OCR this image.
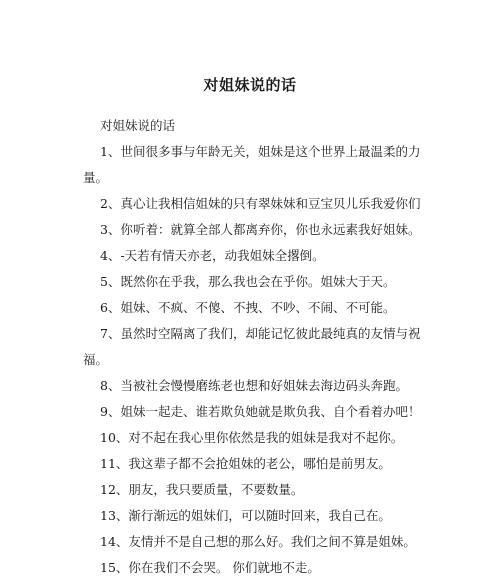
对姐妹说的话

对姐妹说的话

1、世间很多事与年龄无关，姐妹是这个世界上最温柔的力

量。

2、真心让我相信姐妹的只有翠妹妹和豆宝贝儿乐我爱你们

3、你听着：就算全部人都离弃你，你也永远素我好姐妹。

4、-天若有情天亦老，动我姐妹全撂倒。

5、既然你在乎我，那么我也会在乎你。姐妹大于天。

6、姐妹、不疯、不傻、不拽、不吵、不闹、不可能。

7、虽然时空隔离了我们，却能记忆彼此最纯真的友情与祝

福。

8、当被社会慢慢磨练老也想和好姐妹去海边码头奔跑。

9、姐妹一起走、谁若欺负她就是欺负我、自个看着办吧！

10、对不起在我心里你依然是我的姐妹是我对不起你。

11、我这辈子都不会抢姐妹的老公，哪怕是前男友。

12、朋友，我只要质量，不要数量。

13、渐行渐远的姐妹们，可以随时回来，我自己在。

14、友情并不是自己想的那么好。我们之间不算是姐妹。

15、你在我们不会哭。 你们就地不走。
